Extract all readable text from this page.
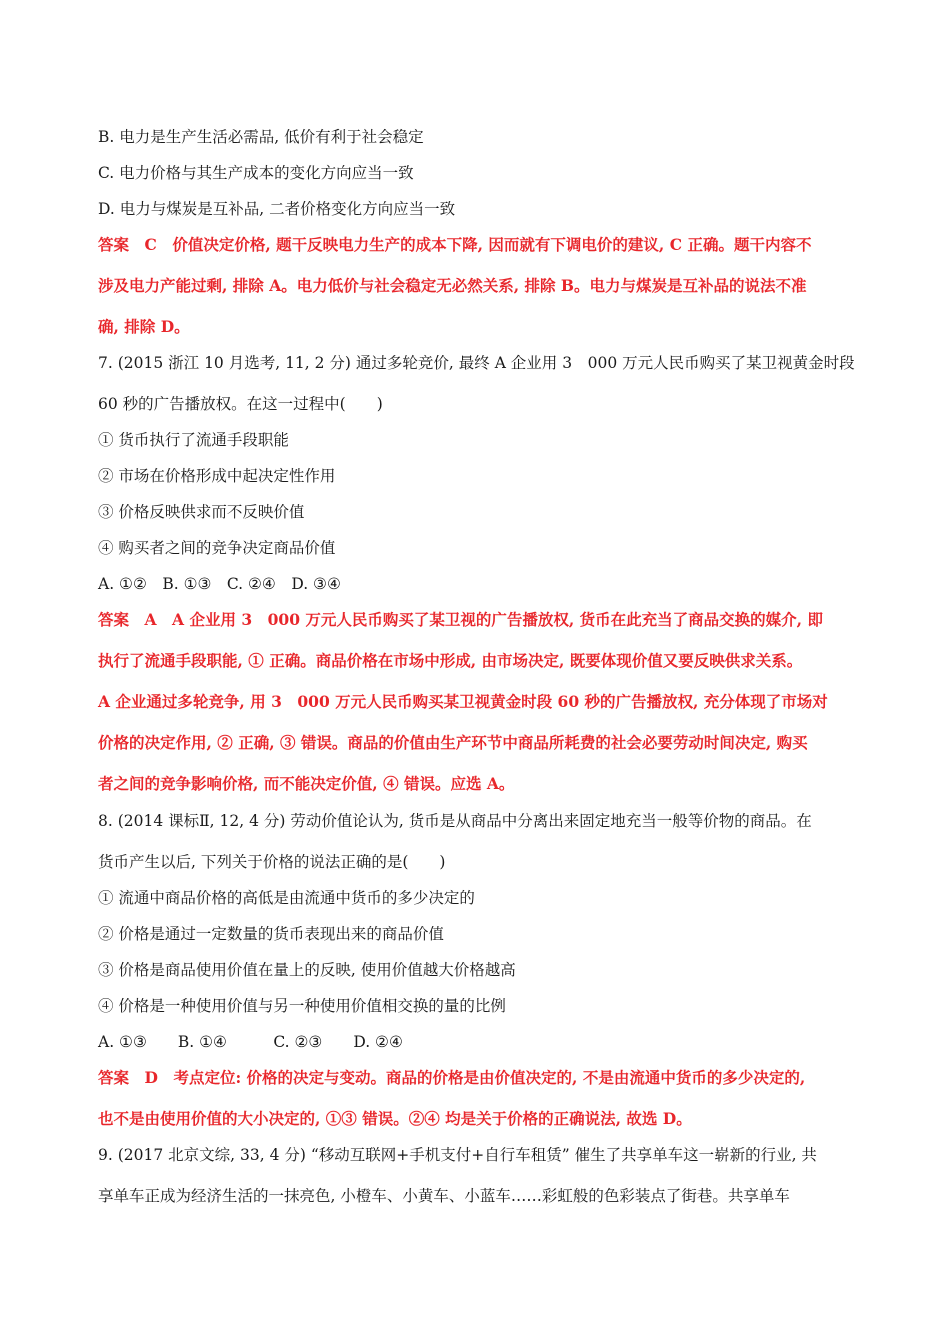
B. 电力是生产生活必需品, 低价有利于社会稳定

C. 电力价格与其生产成本的变化方向应当一致

D. 电力与煤炭是互补品, 二者价格变化方向应当一致

答案　C　价值决定价格, 题干反映电力生产的成本下降, 因而就有下调电价的建议, C 正确。题干内容不

涉及电力产能过剩, 排除 A。电力低价与社会稳定无必然关系, 排除 B。电力与煤炭是互补品的说法不准

确, 排除 D。

7. (2015 浙江 10 月选考, 11, 2 分) 通过多轮竞价, 最终 A 企业用 3　000 万元人民币购买了某卫视黄金时段

60 秒的广告播放权。在这一过程中(　　)

① 货币执行了流通手段职能

② 市场在价格形成中起决定性作用

③ 价格反映供求而不反映价值

④ 购买者之间的竞争决定商品价值

A. ①②　B. ①③　C. ②④　D. ③④

答案　A　A 企业用 3　000 万元人民币购买了某卫视的广告播放权, 货币在此充当了商品交换的媒介, 即

执行了流通手段职能, ① 正确。商品价格在市场中形成, 由市场决定, 既要体现价值又要反映供求关系。

A 企业通过多轮竞争, 用 3　000 万元人民币购买某卫视黄金时段 60 秒的广告播放权, 充分体现了市场对

价格的决定作用, ② 正确, ③ 错误。商品的价值由生产环节中商品所耗费的社会必要劳动时间决定, 购买

者之间的竞争影响价格, 而不能决定价值, ④ 错误。应选 A。

8. (2014 课标Ⅱ, 12, 4 分) 劳动价值论认为, 货币是从商品中分离出来固定地充当一般等价物的商品。在

货币产生以后, 下列关于价格的说法正确的是(　　)

① 流通中商品价格的高低是由流通中货币的多少决定的

② 价格是通过一定数量的货币表现出来的商品价值

③ 价格是商品使用价值在量上的反映, 使用价值越大价格越高

④ 价格是一种使用价值与另一种使用价值相交换的量的比例

A. ①③　　B. ①④　　　C. ②③　　D. ②④

答案　D　考点定位: 价格的决定与变动。商品的价格是由价值决定的, 不是由流通中货币的多少决定的,

也不是由使用价值的大小决定的, ①③ 错误。②④ 均是关于价格的正确说法, 故选 D。

9. (2017 北京文综, 33, 4 分) “移动互联网+手机支付+自行车租赁” 催生了共享单车这一崭新的行业, 共

享单车正成为经济生活的一抹亮色, 小橙车、小黄车、小蓝车……彩虹般的色彩装点了街巷。共享单车
